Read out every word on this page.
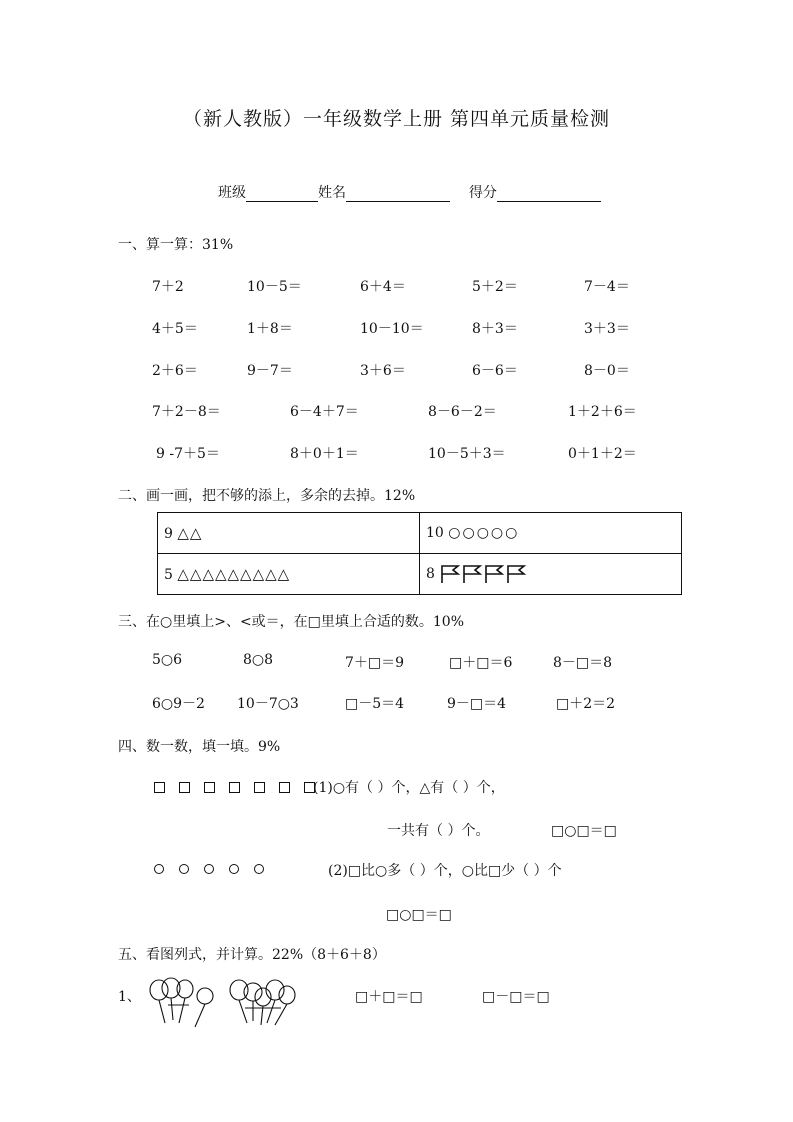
（新人教版）一年级数学上册 第四单元质量检测
班级	姓名	得分
一、算一算：31%
7＋2	10－5＝	6＋4＝	5＋2＝	7－4＝
4＋5＝	1＋8＝	10－10＝	8＋3＝	3＋3＝
2＋6＝	9－7＝	3＋6＝	6－6＝	8－0＝
7＋2－8＝	6－4＋7＝	8－6－2＝	1＋2＋6＝
9 -7＋5＝	8＋0＋1＝	10－5＋3＝	0＋1＋2＝
二、画一画，把不够的添上，多余的去掉。12%
9 △△	10 ○○○○○
5 △△△△△△△△△	8
三、在○里填上>、<或＝，在□里填上合适的数。10%
5○6	8○8	7＋□＝9	□＋□＝6	8－□＝8
6○9－2 10－7○3	□－5＝4	9－□＝4	□＋2＝2
四、数一数，填一填。9%
(1)○有（ ）个，△有（ ）个，
一共有（ ）个。	□○□＝□
(2)□比○多（ ）个，○比□少（ ）个
□○□＝□
五、看图列式，并计算。22%（8＋6＋8）
1、	□＋□＝□	□－□＝□
